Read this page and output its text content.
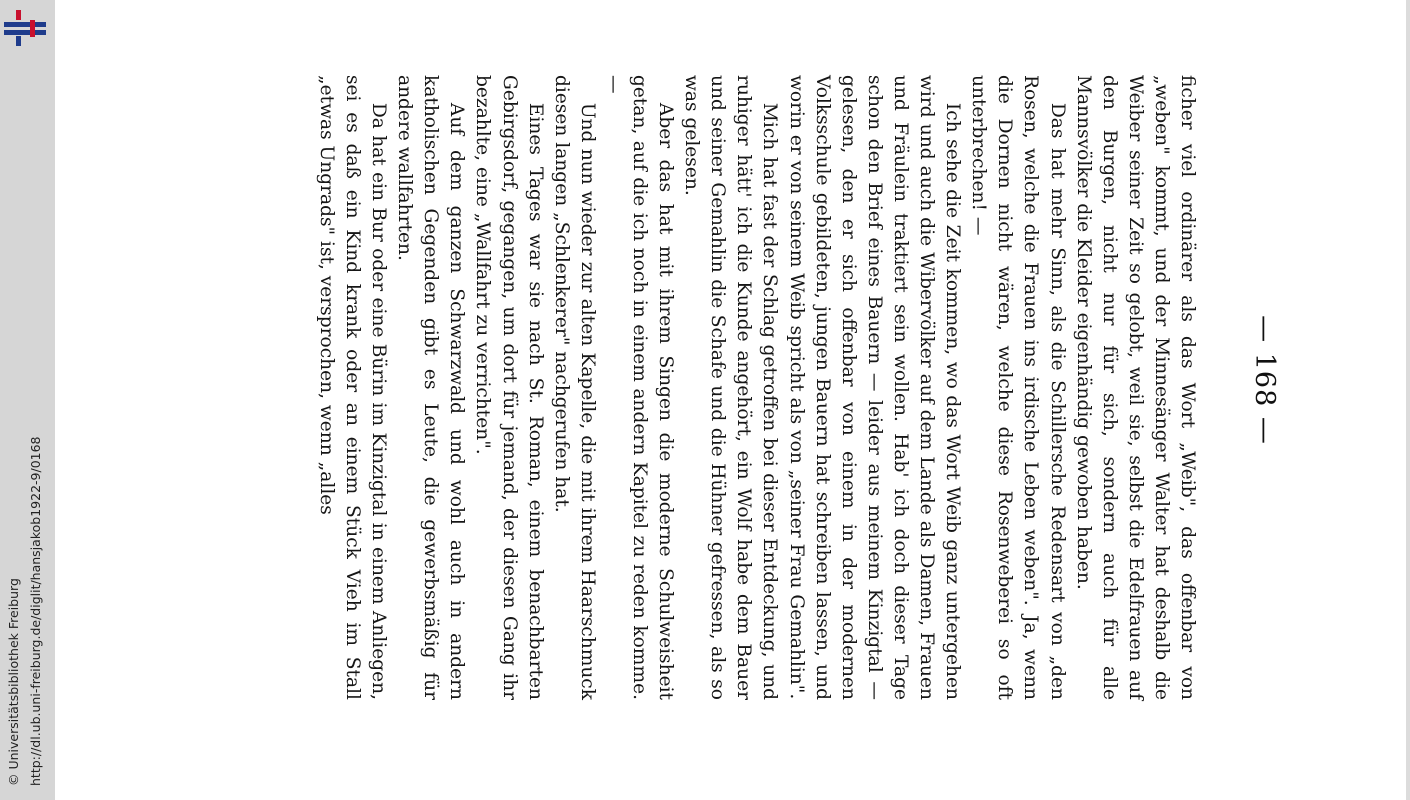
http://dl.ub.uni-freiburg.de/diglit/hansjakob1922-9/0168
© Universitätsbibliothek Freiburg
— 168 —

ficher viel ordinärer als das Wort „Weib", das offenbar von „weben" kommt, und der Minnesänger Walter hat deshalb die Weiber seiner Zeit so gelobt, weil sie, selbst die Edelfrauen auf den Burgen, nicht nur für sich, sondern auch für alle Mannsvölker die Kleider eigenhändig gewoben haben.

Das hat mehr Sinn, als die Schillersche Redensart von „den Rosen, welche die Frauen ins irdische Leben weben". Ja, wenn die Dornen nicht wären, welche diese Rosenweberei so oft unterbrechen! —

Ich sehe die Zeit kommen, wo das Wort Weib ganz untergehen wird und auch die Wibervölker auf dem Lande als Damen, Frauen und Fräulein traktiert sein wollen. Hab' ich doch dieser Tage schon den Brief eines Bauern — leider aus meinem Kinzigtal — gelesen, den er sich offenbar von einem in der modernen Volksschule gebildeten, jungen Bauern hat schreiben lassen, und worin er von seinem Weib spricht als von „seiner Frau Gemahlin".

Mich hat fast der Schlag getroffen bei dieser Entdeckung, und ruhiger hätt' ich die Kunde angehört, ein Wolf habe dem Bauer und seiner Gemahlin die Schafe und die Hühner gefressen, als so was gelesen.

Aber das hat mit ihrem Singen die moderne Schulweisheit getan, auf die ich noch in einem andern Kapitel zu reden komme. —

Und nun wieder zur alten Kapelle, die mit ihrem Haarschmuck diesen langen „Schlenkerer" nachgerufen hat.

Eines Tages war sie nach St. Roman, einem benachbarten Gebirgsdorf, gegangen, um dort für jemand, der diesen Gang ihr bezahlte, eine „Wallfahrt zu verrichten".

Auf dem ganzen Schwarzwald und wohl auch in andern katholischen Gegenden gibt es Leute, die gewerbsmäßig für andere wallfahrten.

Da hat ein Bur oder eine Bürin im Kinzigtal in einem Anliegen, sei es daß ein Kind krank oder an einem Stück Vieh im Stall „etwas Ungrads" ist, versprochen, wenn „alles
